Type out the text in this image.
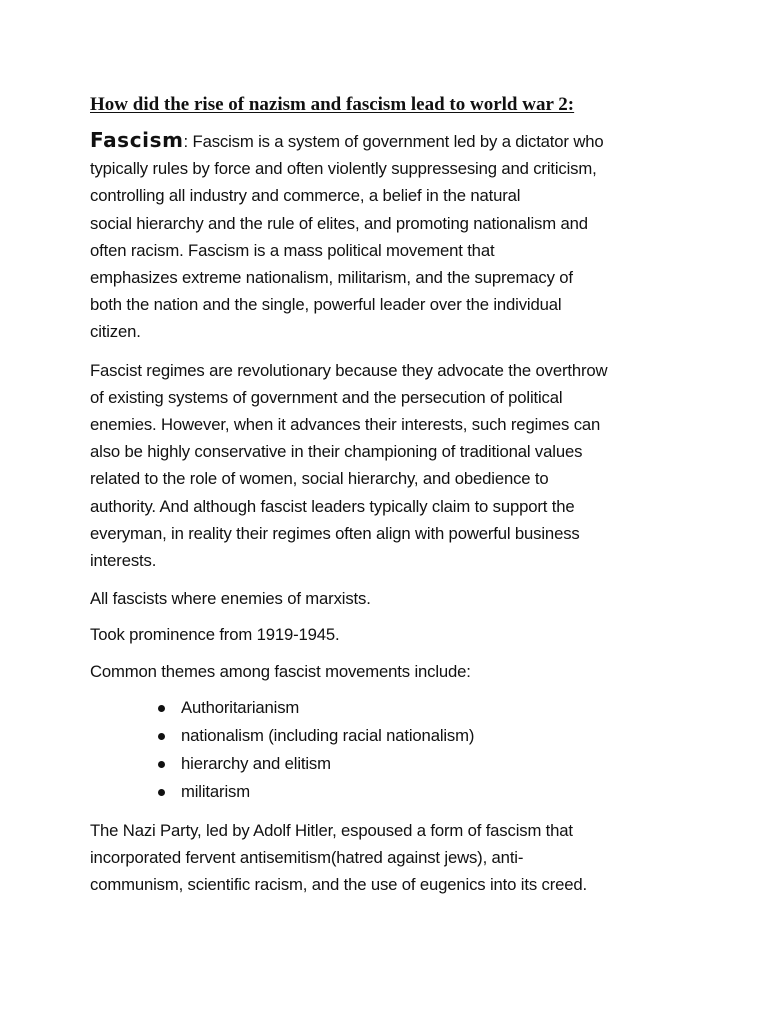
How did the rise of nazism and fascism lead to world war 2:
Fascism: Fascism is a system of government led by a dictator who
typically rules by force and often violently suppressesing and criticism,
controlling all industry and commerce, a belief in the natural
social hierarchy and the rule of elites, and promoting nationalism and
often racism. Fascism is a mass political movement that
emphasizes extreme nationalism, militarism, and the supremacy of
both the nation and the single, powerful leader over the individual
citizen.
Fascist regimes are revolutionary because they advocate the overthrow
of existing systems of government and the persecution of political
enemies. However, when it advances their interests, such regimes can
also be highly conservative in their championing of traditional values
related to the role of women, social hierarchy, and obedience to
authority. And although fascist leaders typically claim to support the
everyman, in reality their regimes often align with powerful business
interests.
All fascists where enemies of marxists.
Took prominence from 1919-1945.
Common themes among fascist movements include:
Authoritarianism
nationalism (including racial nationalism)
hierarchy and elitism
militarism
The Nazi Party, led by Adolf Hitler, espoused a form of fascism that
incorporated fervent antisemitism(hatred against jews), anti-
communism, scientific racism, and the use of eugenics into its creed.
